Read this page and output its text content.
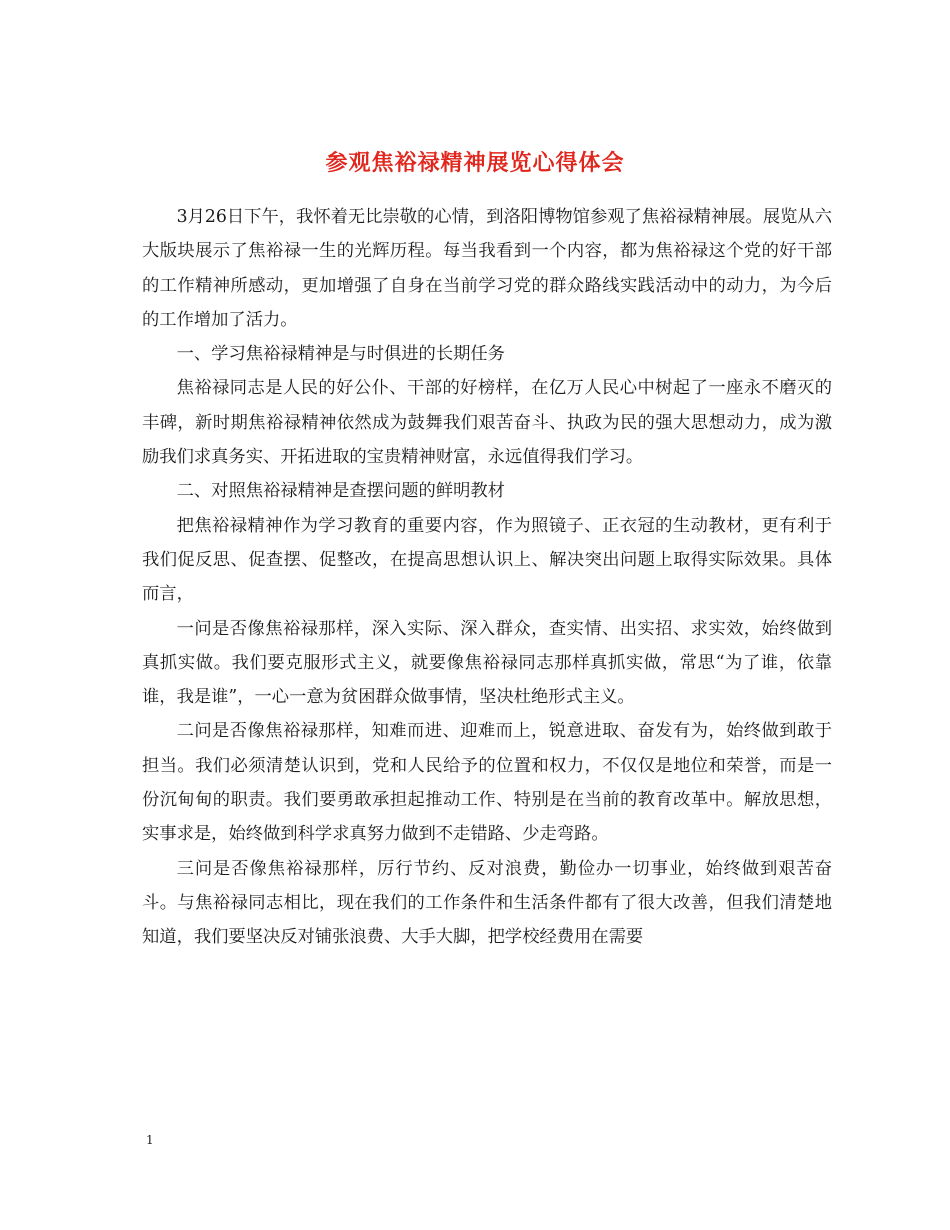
参观焦裕禄精神展览心得体会

3月26日下午，我怀着无比崇敬的心情，到洛阳博物馆参观了焦裕禄精神展。展览从六大版块展示了焦裕禄一生的光辉历程。每当我看到一个内容，都为焦裕禄这个党的好干部的工作精神所感动，更加增强了自身在当前学习党的群众路线实践活动中的动力，为今后的工作增加了活力。

一、学习焦裕禄精神是与时俱进的长期任务

焦裕禄同志是人民的好公仆、干部的好榜样，在亿万人民心中树起了一座永不磨灭的丰碑，新时期焦裕禄精神依然成为鼓舞我们艰苦奋斗、执政为民的强大思想动力，成为激励我们求真务实、开拓进取的宝贵精神财富，永远值得我们学习。

二、对照焦裕禄精神是查摆问题的鲜明教材

把焦裕禄精神作为学习教育的重要内容，作为照镜子、正衣冠的生动教材，更有利于我们促反思、促查摆、促整改，在提高思想认识上、解决突出问题上取得实际效果。具体而言，

一问是否像焦裕禄那样，深入实际、深入群众，查实情、出实招、求实效，始终做到真抓实做。我们要克服形式主义，就要像焦裕禄同志那样真抓实做，常思“为了谁，依靠谁，我是谁”，一心一意为贫困群众做事情，坚决杜绝形式主义。

二问是否像焦裕禄那样，知难而进、迎难而上，锐意进取、奋发有为，始终做到敢于担当。我们必须清楚认识到，党和人民给予的位置和权力，不仅仅是地位和荣誉，而是一份沉甸甸的职责。我们要勇敢承担起推动工作、特别是在当前的教育改革中。解放思想，实事求是，始终做到科学求真努力做到不走错路、少走弯路。

三问是否像焦裕禄那样，厉行节约、反对浪费，勤俭办一切事业，始终做到艰苦奋斗。与焦裕禄同志相比，现在我们的工作条件和生活条件都有了很大改善，但我们清楚地知道，我们要坚决反对铺张浪费、大手大脚，把学校经费用在需要

1
